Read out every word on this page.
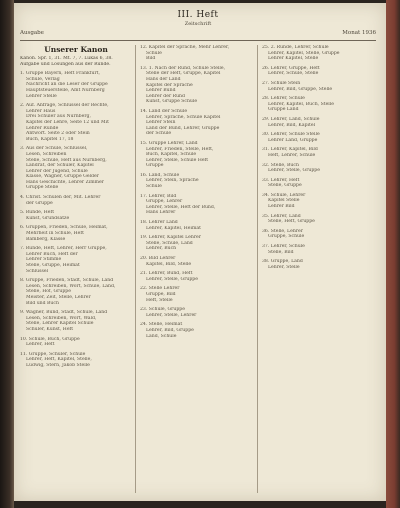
Ausgabe
III. Heft
Zeitschrift
Monat 1936
Unserer Kanon
Kanon. Spr. 1, 31. Mt. 7, 7. Lukas 6, 38.
Aufgabe und Lösungen aus der Runde.
1. Gruppe Bayern, Heft Frankfurt,
Schule, Verlag
Nachricht an die Leser der Gruppe
Hauptsteuerstelle, Amt Nürnberg
Lehrer Stelle
2. Auf. Anfrage, Schlüssel der Rechte,
Lehrer Haus
Drei Schüler aus Nürnberg,
Kapitel der Lehre, Seite 12 und Mit
Lehrer Runde
Antwort. Seite 2 oder Stein
Buch, Kapitel 17, 18
3. Aus der Schule, Schlüssel,
Lesen, Schreiben
Stelle, Schule, Heft aus Nürnberg,
Landrat, der Schüler, Kapitel
Lehrer der Jugend, Schule
Klasse, Wagner, Gruppe Gelder
Hans Geschichte, Lehrer Zimmer
Gruppe Stelle
4. Christ. Schulen der, Mit. Lehrer
der Gruppe
5. Runde, Heft
Kunst, Grundsätze
6. Gruppen, Frieden, Schule, Heimat,
Mehrheit in Schule, Heft
Bamberg, Klasse
7. Runde, Heft, Lehrer, Herr Gruppe,
Lehrer Buch, Heft der
Lehrer Stimme
Stelle, Gruppe, Heimat
Schlüssel
8. Gruppe, Frieden, Stadt, Schule, Land
Lesen, Schreiben, Wort, Schule, Land,
Stelle, Hof, Gruppe
Meister, Zeit, Stelle, Lehrer
Bild und Buch
9. Wagner, Bund, Stadt, Schule, Land
Lesen, Schreiben, Wort, Wald,
Stelle, Lehrer Kapitel Schule
Schüler, Kunst, Heft
10. Schule, Buch, Gruppe
Lehrer, Heft
11. Gruppe, Schüler, Schule
Lehrer, Heft, Kapitel, Stelle,
Ludwig, Stern, Jakob Stelle
12. Kapitel der Sprache, Mehr Lehrer,
Schule
Bild
13. 1. Nach der Rund, Schule Stelle,
Stelle der Heft, Gruppe, Kapitel
Hans der Land
Kapitel der Sprache
Lehrer Bund
Lehrer der Rund
Kunst, Gruppe Schule
14. Land der Schule
Lehrer, Sprache, Schule Kapitel
Lehrer Stein
Land der Bund, Lehrer, Gruppe
der Schule
15. Gruppe Lehrer, Land
Lehrer, Frieden, Stelle, Heft,
Buch, Kapitel, Schule
Lehrer, Stelle, Schule Heft
Gruppe
16. Land, Schule
Lehrer, Stein, Sprache
Schule
17. Lehrer, Bild
Gruppe, Lehrer
Lehrer, Stelle, Heft der Bund,
Hans Lehrer
18. Lehrer Land
Lehrer, Kapitel, Heimat
19. Lehrer, Kapitel Lehrer
Stelle, Schule, Land
Lehrer, Buch
20. Bild Lehrer
Kapitel, Bild, Stelle
21. Lehrer, Bund, Heft
Lehrer, Stelle, Gruppe
22. Stelle Lehrer
Gruppe, Bild
Heft, Stelle
23. Schule, Gruppe
Lehrer, Stelle, Lehrer
24. Stelle, Heimat
Lehrer, Bild, Gruppe
Land, Schule
25. 2. Runde, Lehrer, Schule
Lehrer, Kapitel, Stelle, Gruppe
Lehrer Kapitel, Stelle
26. Lehrer, Gruppe, Heft
Lehrer, Schule, Stelle
27. Schule Stein
Lehrer, Bild, Gruppe, Stelle
28. Lehrer, Schule
Lehrer, Kapitel, Buch, Stelle
Gruppe Land
29. Lehrer, Land, Schule
Lehrer, Bild, Kapitel
30. Lehrer, Schule Stelle
Lehrer Land, Gruppe
31. Lehrer, Kapitel, Bild
Heft, Lehrer, Schule
32. Stelle, Buch
Lehrer, Stelle, Gruppe
33. Lehrer, Heft
Stelle, Gruppe
34. Schule, Lehrer
Kapitel Stelle
Lehrer Bild
35. Lehrer, Land
Stelle, Heft, Gruppe
36. Stelle, Lehrer
Gruppe, Schule
37. Lehrer, Schule
Stelle, Bild
38. Gruppe, Land
Lehrer, Stelle
